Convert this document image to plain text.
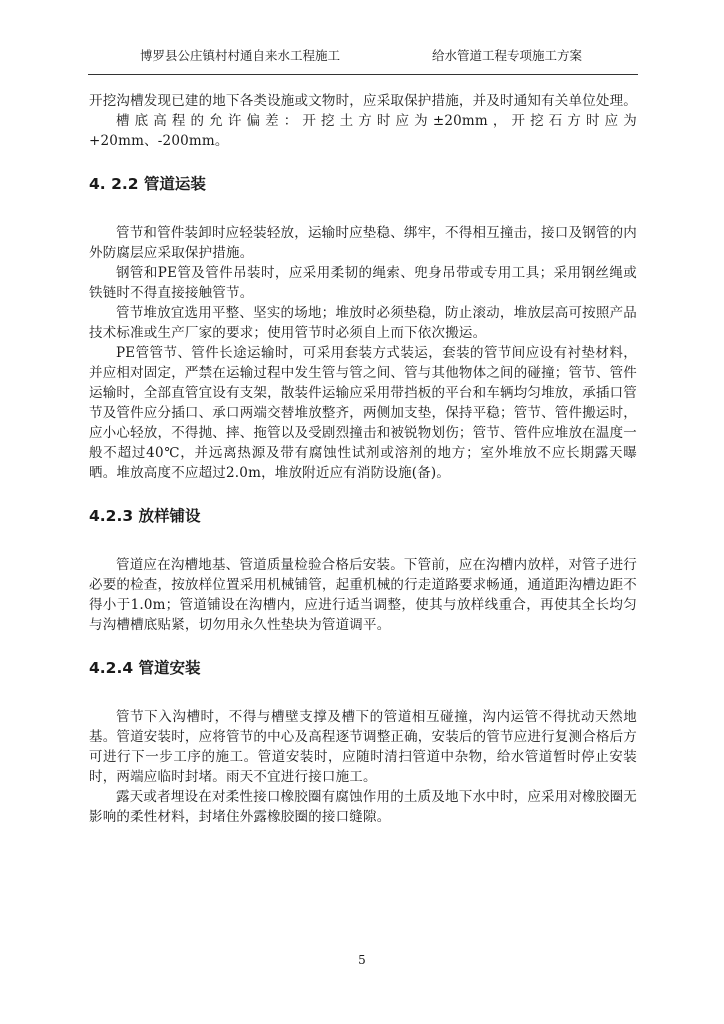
博罗县公庄镇村村通自来水工程施工	给水管道工程专项施工方案

开挖沟槽发现已建的地下各类设施或文物时，应采取保护措施，并及时通知有关单位处理。

槽底高程的允许偏差：开挖土方时应为±20mm，开挖石方时应为+20mm、-200mm。

4. 2.2 管道运装

管节和管件装卸时应轻装轻放，运输时应垫稳、绑牢，不得相互撞击，接口及钢管的内外防腐层应采取保护措施。

钢管和PE管及管件吊装时，应采用柔韧的绳索、兜身吊带或专用工具；采用钢丝绳或铁链时不得直接接触管节。

管节堆放宜选用平整、坚实的场地；堆放时必须垫稳，防止滚动，堆放层高可按照产品技术标准或生产厂家的要求；使用管节时必须自上而下依次搬运。

PE管管节、管件长途运输时，可采用套装方式装运，套装的管节间应设有衬垫材料，并应相对固定，严禁在运输过程中发生管与管之间、管与其他物体之间的碰撞；管节、管件运输时，全部直管宜设有支架，散装件运输应采用带挡板的平台和车辆均匀堆放，承插口管节及管件应分插口、承口两端交替堆放整齐，两侧加支垫，保持平稳；管节、管件搬运时，应小心轻放，不得抛、摔、拖管以及受剧烈撞击和被锐物划伤；管节、管件应堆放在温度一般不超过40℃，并远离热源及带有腐蚀性试剂或溶剂的地方；室外堆放不应长期露天曝晒。堆放高度不应超过2.0m，堆放附近应有消防设施(备)。

4.2.3 放样铺设

管道应在沟槽地基、管道质量检验合格后安装。下管前，应在沟槽内放样，对管子进行必要的检查，按放样位置采用机械铺管，起重机械的行走道路要求畅通，通道距沟槽边距不得小于1.0m；管道铺设在沟槽内，应进行适当调整，使其与放样线重合，再使其全长均匀与沟槽槽底贴紧，切勿用永久性垫块为管道调平。

4.2.4 管道安装

管节下入沟槽时，不得与槽壁支撑及槽下的管道相互碰撞，沟内运管不得扰动天然地基。管道安装时，应将管节的中心及高程逐节调整正确，安装后的管节应进行复测合格后方可进行下一步工序的施工。管道安装时，应随时清扫管道中杂物，给水管道暂时停止安装时，两端应临时封堵。雨天不宜进行接口施工。

露天或者埋设在对柔性接口橡胶圈有腐蚀作用的土质及地下水中时，应采用对橡胶圈无影响的柔性材料，封堵住外露橡胶圈的接口缝隙。

5
